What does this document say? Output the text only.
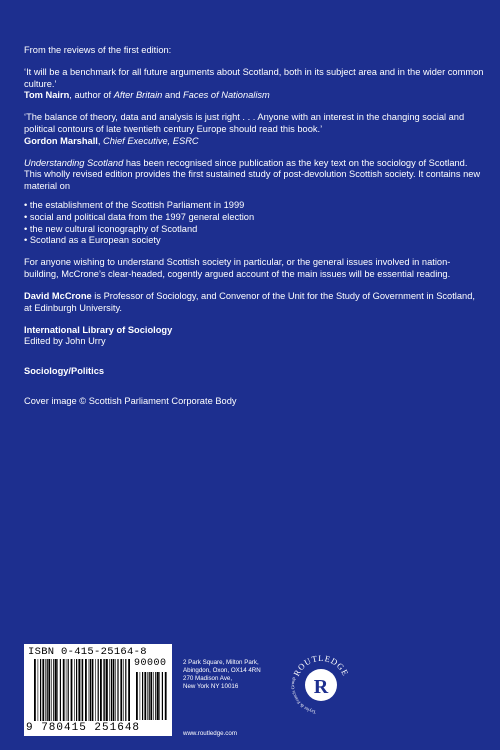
From the reviews of the first edition:

‘It will be a benchmark for all future arguments about Scotland, both in its subject area and in the wider common culture.’

Tom Nairn, author of After Britain and Faces of Nationalism

‘The balance of theory, data and analysis is just right . . . Anyone with an interest in the changing social and political contours of late twentieth century Europe should read this book.’

Gordon Marshall, Chief Executive, ESRC

Understanding Scotland has been recognised since publication as the key text on the sociology of Scotland. This wholly revised edition provides the first sustained study of post-devolution Scottish society. It contains new material on

• the establishment of the Scottish Parliament in 1999
• social and political data from the 1997 general election
• the new cultural iconography of Scotland
• Scotland as a European society

For anyone wishing to understand Scottish society in particular, or the general issues involved in nation-building, McCrone’s clear-headed, cogently argued account of the main issues will be essential reading.

David McCrone is Professor of Sociology, and Convenor of the Unit for the Study of Government in Scotland, at Edinburgh University.

International Library of Sociology

Edited by John Urry

Sociology/Politics

Cover image © Scottish Parliament Corporate Body

ISBN 0-415-25164-8
90000
9 780415 251648

2 Park Square, Milton Park,

Abingdon, Oxon, OX14 4RN

270 Madison Ave,

New York NY 10016

www.routledge.com
R
ROUTLEDGE
Taylor & Francis Group
